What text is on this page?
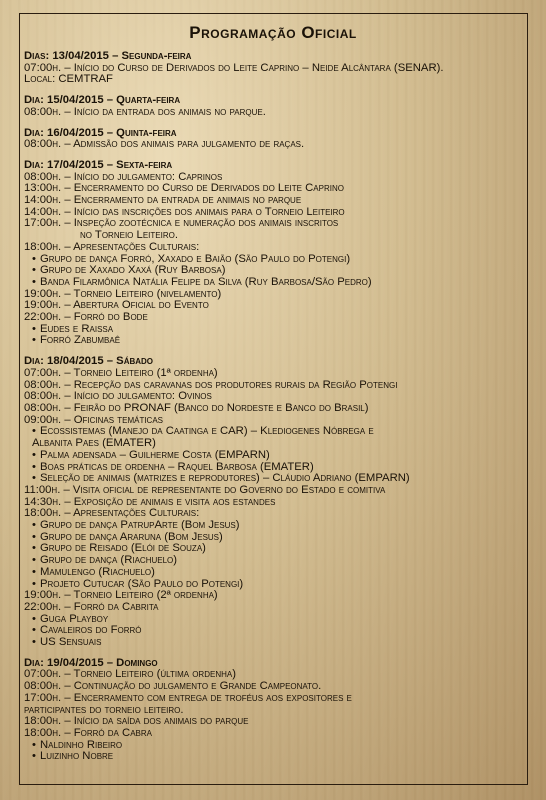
Programação Oficial
Dias: 13/04/2015 – Segunda-feira
07:00h. – Início do Curso de Derivados do Leite Caprino – Neide Alcântara (SENAR).
Local: CEMTRAF
Dia: 15/04/2015 – Quarta-feira
08:00h. – Início da entrada dos animais no parque.
Dia: 16/04/2015 – Quinta-feira
08:00h. – Admissão dos animais para julgamento de raças.
Dia: 17/04/2015 – Sexta-feira
08:00h. – Início do julgamento: Caprinos
13:00h. – Encerramento do Curso de Derivados do Leite Caprino
14:00h. – Encerramento da entrada de animais no parque
14:00h. – Início das inscrições dos animais para o Torneio Leiteiro
17:00h. – Inspeção zootécnica e numeração dos animais inscritos
no Torneio Leiteiro.
18:00h. – Apresentações Culturais:
• Grupo de dança Forró, Xaxado e Baião (São Paulo do Potengi)
• Grupo de Xaxado Xaxá (Ruy Barbosa)
• Banda Filarmônica Natália Felipe da Silva (Ruy Barbosa/São Pedro)
19:00h. – Torneio Leiteiro (nivelamento)
19:00h. – Abertura Oficial do Evento
22:00h. – Forró do Bode
• Eudes e Raissa
• Forró Zabumbaê
Dia: 18/04/2015 – Sábado
07:00h. – Torneio Leiteiro (1ª ordenha)
08:00h. – Recepção das caravanas dos produtores rurais da Região Potengi
08:00h. – Início do julgamento: Ovinos
08:00h. – Feirão do PRONAF (Banco do Nordeste e Banco do Brasil)
09:00h. – Oficinas temáticas
• Ecossistemas (Manejo da Caatinga e CAR) – Klediogenes Nóbrega e
Albanita Paes (EMATER)
• Palma adensada – Guilherme Costa (EMPARN)
• Boas práticas de ordenha – Raquel Barbosa (EMATER)
• Seleção de animais (matrizes e reprodutores) – Cláudio Adriano (EMPARN)
11:00h. – Visita oficial de representante do Governo do Estado e comitiva
14:30h. – Exposição de animais e visita aos estandes
18:00h. – Apresentações Culturais:
• Grupo de dança PatrupArte (Bom Jesus)
• Grupo de dança Araruna (Bom Jesus)
• Grupo de Reisado (Elói de Souza)
• Grupo de dança (Riachuelo)
• Mamulengo (Riachuelo)
• Projeto Cutucar (São Paulo do Potengi)
19:00h. – Torneio Leiteiro (2ª ordenha)
22:00h. – Forró da Cabrita
• Guga Playboy
• Cavaleiros do Forró
• US Sensuais
Dia: 19/04/2015 – Domingo
07:00h. – Torneio Leiteiro (última ordenha)
08:00h. – Continuação do julgamento e Grande Campeonato.
17:00h. – Encerramento com entrega de troféus aos expositores e
participantes do torneio leiteiro.
18:00h. – Início da saída dos animais do parque
18:00h. – Forró da Cabra
• Naldinho Ribeiro
• Luizinho Nobre
